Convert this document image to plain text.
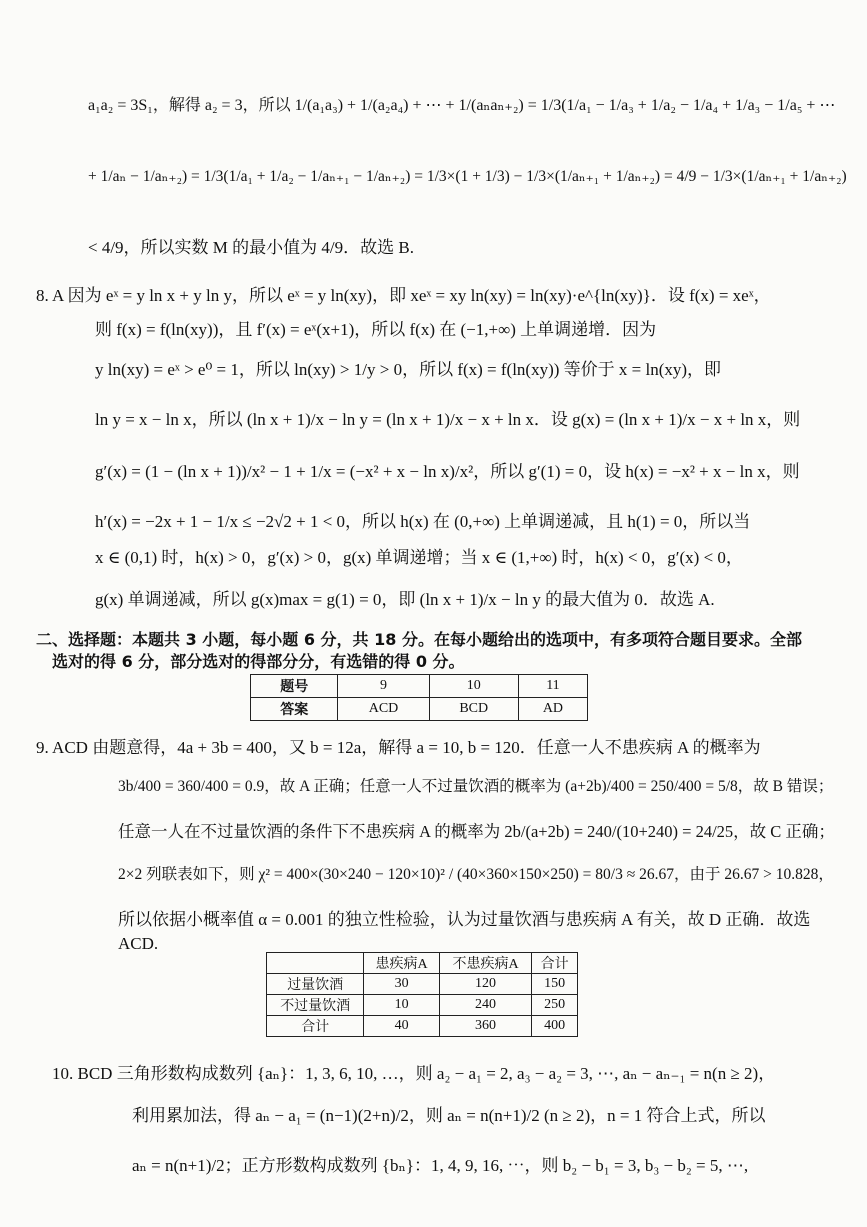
a₁a₂ = 3S₁，解得 a₂ = 3，所以 1/(a₁a₃) + 1/(a₂a₄) + ⋯ + 1/(aₙaₙ₊₂) = 1/3(1/a₁ − 1/a₃ + 1/a₂ − 1/a₄ + 1/a₃ − 1/a₅ + ⋯
+ 1/aₙ − 1/aₙ₊₂) = 1/3(1/a₁ + 1/a₂ − 1/aₙ₊₁ − 1/aₙ₊₂) = 1/3×(1 + 1/3) − 1/3×(1/aₙ₊₁ + 1/aₙ₊₂) = 4/9 − 1/3×(1/aₙ₊₁ + 1/aₙ₊₂)
< 4/9，所以实数 M 的最小值为 4/9．故选 B.
8. A 因为 eˣ = y ln x + y ln y，所以 eˣ = y ln(xy)，即 xeˣ = xy ln(xy) = ln(xy)·e^{ln(xy)}．设 f(x) = xeˣ，
则 f(x) = f(ln(xy))，且 f′(x) = eˣ(x+1)，所以 f(x) 在 (−1,+∞) 上单调递增．因为
y ln(xy) = eˣ > e⁰ = 1，所以 ln(xy) > 1/y > 0，所以 f(x) = f(ln(xy)) 等价于 x = ln(xy)，即
ln y = x − ln x，所以 (ln x + 1)/x − ln y = (ln x + 1)/x − x + ln x．设 g(x) = (ln x + 1)/x − x + ln x，则
g′(x) = (1 − (ln x + 1))/x² − 1 + 1/x = (−x² + x − ln x)/x²，所以 g′(1) = 0，设 h(x) = −x² + x − ln x，则
h′(x) = −2x + 1 − 1/x ≤ −2√2 + 1 < 0，所以 h(x) 在 (0,+∞) 上单调递减，且 h(1) = 0，所以当
x ∈ (0,1) 时，h(x) > 0，g′(x) > 0，g(x) 单调递增；当 x ∈ (1,+∞) 时，h(x) < 0，g′(x) < 0，
g(x) 单调递减，所以 g(x)max = g(1) = 0，即 (ln x + 1)/x − ln y 的最大值为 0．故选 A.
二、选择题：本题共 3 小题，每小题 6 分，共 18 分。在每小题给出的选项中，有多项符合题目要求。全部
选对的得 6 分，部分选对的得部分分，有选错的得 0 分。
题号	9	10	11
答案	ACD	BCD	AD
9. ACD 由题意得，4a + 3b = 400，又 b = 12a，解得 a = 10, b = 120．任意一人不患疾病 A 的概率为
3b/400 = 360/400 = 0.9，故 A 正确；任意一人不过量饮酒的概率为 (a+2b)/400 = 250/400 = 5/8，故 B 错误；
任意一人在不过量饮酒的条件下不患疾病 A 的概率为 2b/(a+2b) = 240/(10+240) = 24/25，故 C 正确；
2×2 列联表如下，则 χ² = 400×(30×240 − 120×10)² / (40×360×150×250) = 80/3 ≈ 26.67，由于 26.67 > 10.828，
所以依据小概率值 α = 0.001 的独立性检验，认为过量饮酒与患疾病 A 有关，故 D 正确．故选
ACD.
	患疾病A	不患疾病A	合计
过量饮酒	30	120	150
不过量饮酒	10	240	250
合计	40	360	400
10. BCD 三角形数构成数列 {aₙ}：1, 3, 6, 10, …，则 a₂ − a₁ = 2, a₃ − a₂ = 3, ⋯, aₙ − aₙ₋₁ = n(n ≥ 2)，
利用累加法，得 aₙ − a₁ = (n−1)(2+n)/2，则 aₙ = n(n+1)/2 (n ≥ 2)，n = 1 符合上式，所以
aₙ = n(n+1)/2；正方形数构成数列 {bₙ}：1, 4, 9, 16, ⋯，则 b₂ − b₁ = 3, b₃ − b₂ = 5, ⋯,
